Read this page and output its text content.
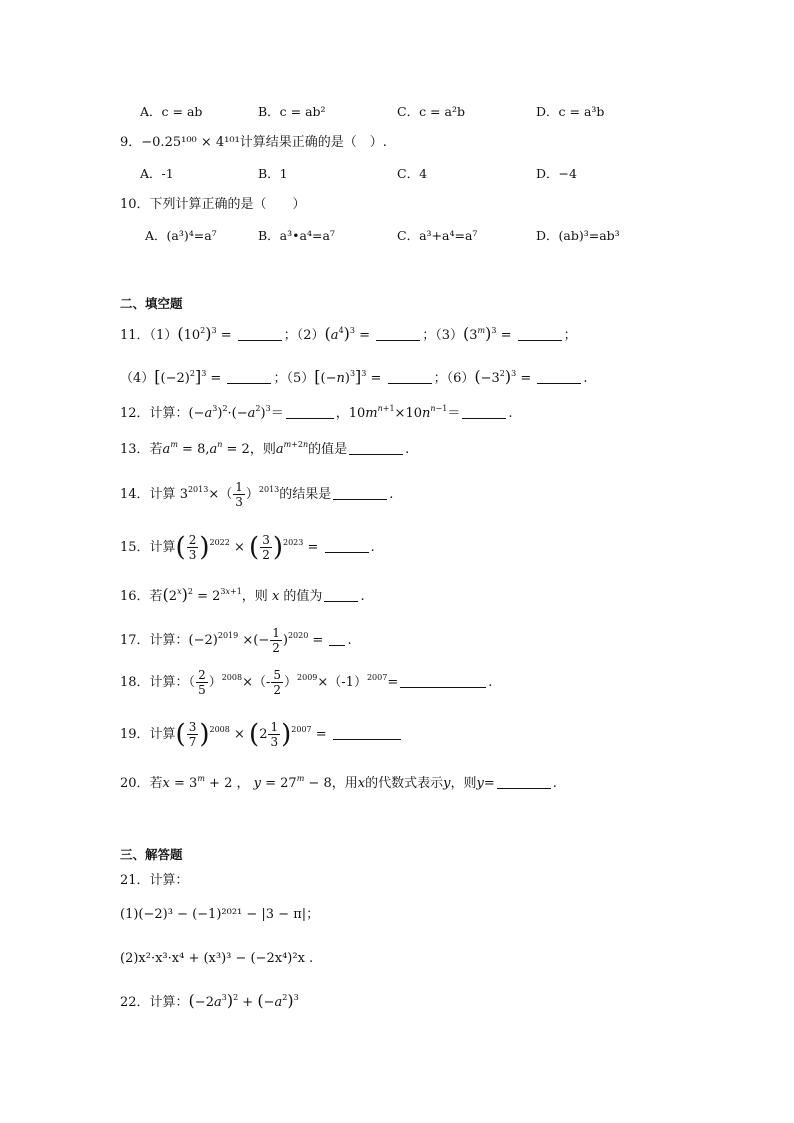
A．c = ab	B．c = ab²	C．c = a²b	D．c = a³b
9．−0.25¹⁰⁰ × 4¹⁰¹计算结果正确的是（　）.
A．-1	B．1	C．4	D．−4
10．下列计算正确的是（　　）
A．(a³)⁴=a⁷	B．a³•a⁴=a⁷	C．a³+a⁴=a⁷	D．(ab)³=ab³
二、填空题
11．$(1)(10^2)^3$ =	；$(2)(a^4)^3$ =	；$(3)(3^m)^3$ =	；
$(4)[(-2)^2]^3$ =	；$(5)[(-n)^3]^3$ =	；$(6)(-3^2)^3$ =	.
12．计算：$(-a^3)^2\cdot(-a^2)^3=$	，$10m^{n+1}\times 10n^{n-1}=$	.
13．若$a^m = 8,a^n = 2$，则$a^{m+2n}$的值是	.
14．计算 $3^{2013}\times( \frac{1}{3} )^{2013}$的结果是	.
15．计算( $\frac{2}{3} )^{2022}$ × ( $\frac{3}{2} )^{2023}$ =	.
16．若$(2^x)^2 = 2^{3x+1}$，则 x 的值为	.
17．计算：$(-2)^{2019}$ ×(− $\frac{1}{2} )^{2020}$ = .
18．计算：（ $\frac{2}{5} )^{2008}\times(- \frac{5}{2} )^{2009}\times(-1)^{2007}=$	.
19．计算( $\frac{3}{7} )^{2008} \times (2 \frac{1}{3} )^{2007}$ =
20．若$x = 3^m + 2$ ， $y = 27^m - 8$，用x的代数式表示y，则y=	.
三、解答题
21．计算：
(1)(−2)³ − (−1)²⁰²¹ − |3 − π|；
(2)x²·x³·x⁴ + (x³)³ − (−2x⁴)²x .
22．计算：$(-2a^3)^2 + (-a^2)^3$
